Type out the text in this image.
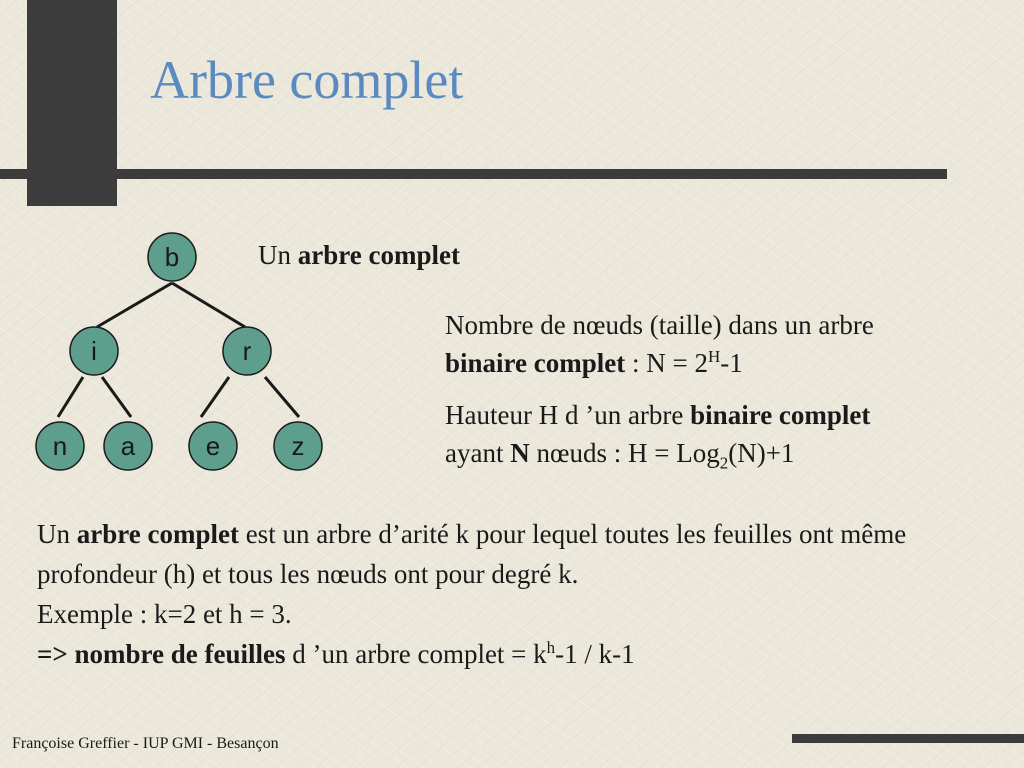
Arbre complet
b
i	r
n a	e	z
Un arbre complet
Nombre de nœuds (taille) dans un arbre
binaire complet : $N = 2^H-1$
Hauteur H d ’un arbre binaire complet
ayant N nœuds : H = Log$_2$(N)+1

Un arbre complet est un arbre d’arité k pour lequel toutes les feuilles ont même profondeur (h) et tous les nœuds ont pour degré k.

Exemple : k=2 et h = 3.

=> nombre de feuilles d ’un arbre complet = $k^h-1 / k-1$

Françoise Greffier - IUP GMI - Besançon
